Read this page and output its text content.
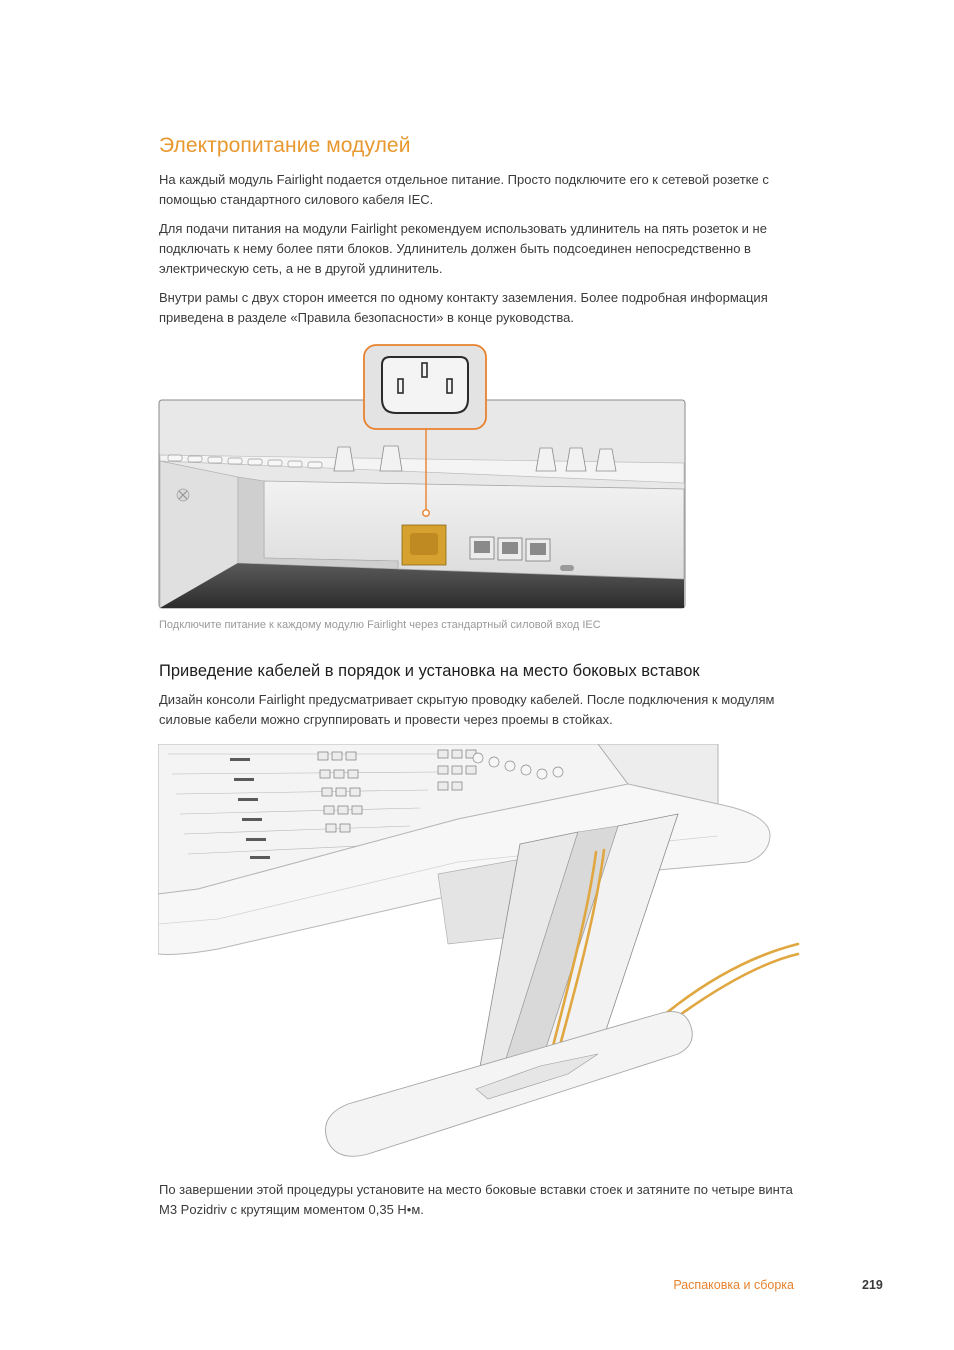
Электропитание модулей

На каждый модуль Fairlight подается отдельное питание. Просто подключите его к сетевой розетке с помощью стандартного силового кабеля IEC.

Для подачи питания на модули Fairlight рекомендуем использовать удлинитель на пять розеток и не подключать к нему более пяти блоков. Удлинитель должен быть подсоединен непосредственно в электрическую сеть, а не в другой удлинитель.

Внутри рамы с двух сторон имеется по одному контакту заземления. Более подробная информация приведена в разделе «Правила безопасности» в конце руководства.

Подключите питание к каждому модулю Fairlight через стандартный силовой вход IEC

Приведение кабелей в порядок и установка на место боковых вставок

Дизайн консоли Fairlight предусматривает скрытую проводку кабелей. После подключения к модулям силовые кабели можно сгруппировать и провести через проемы в стойках.

По завершении этой процедуры установите на место боковые вставки стоек и затяните по четыре винта M3 Pozidriv с крутящим моментом 0,35 Н•м.

Распаковка и сборка	219
